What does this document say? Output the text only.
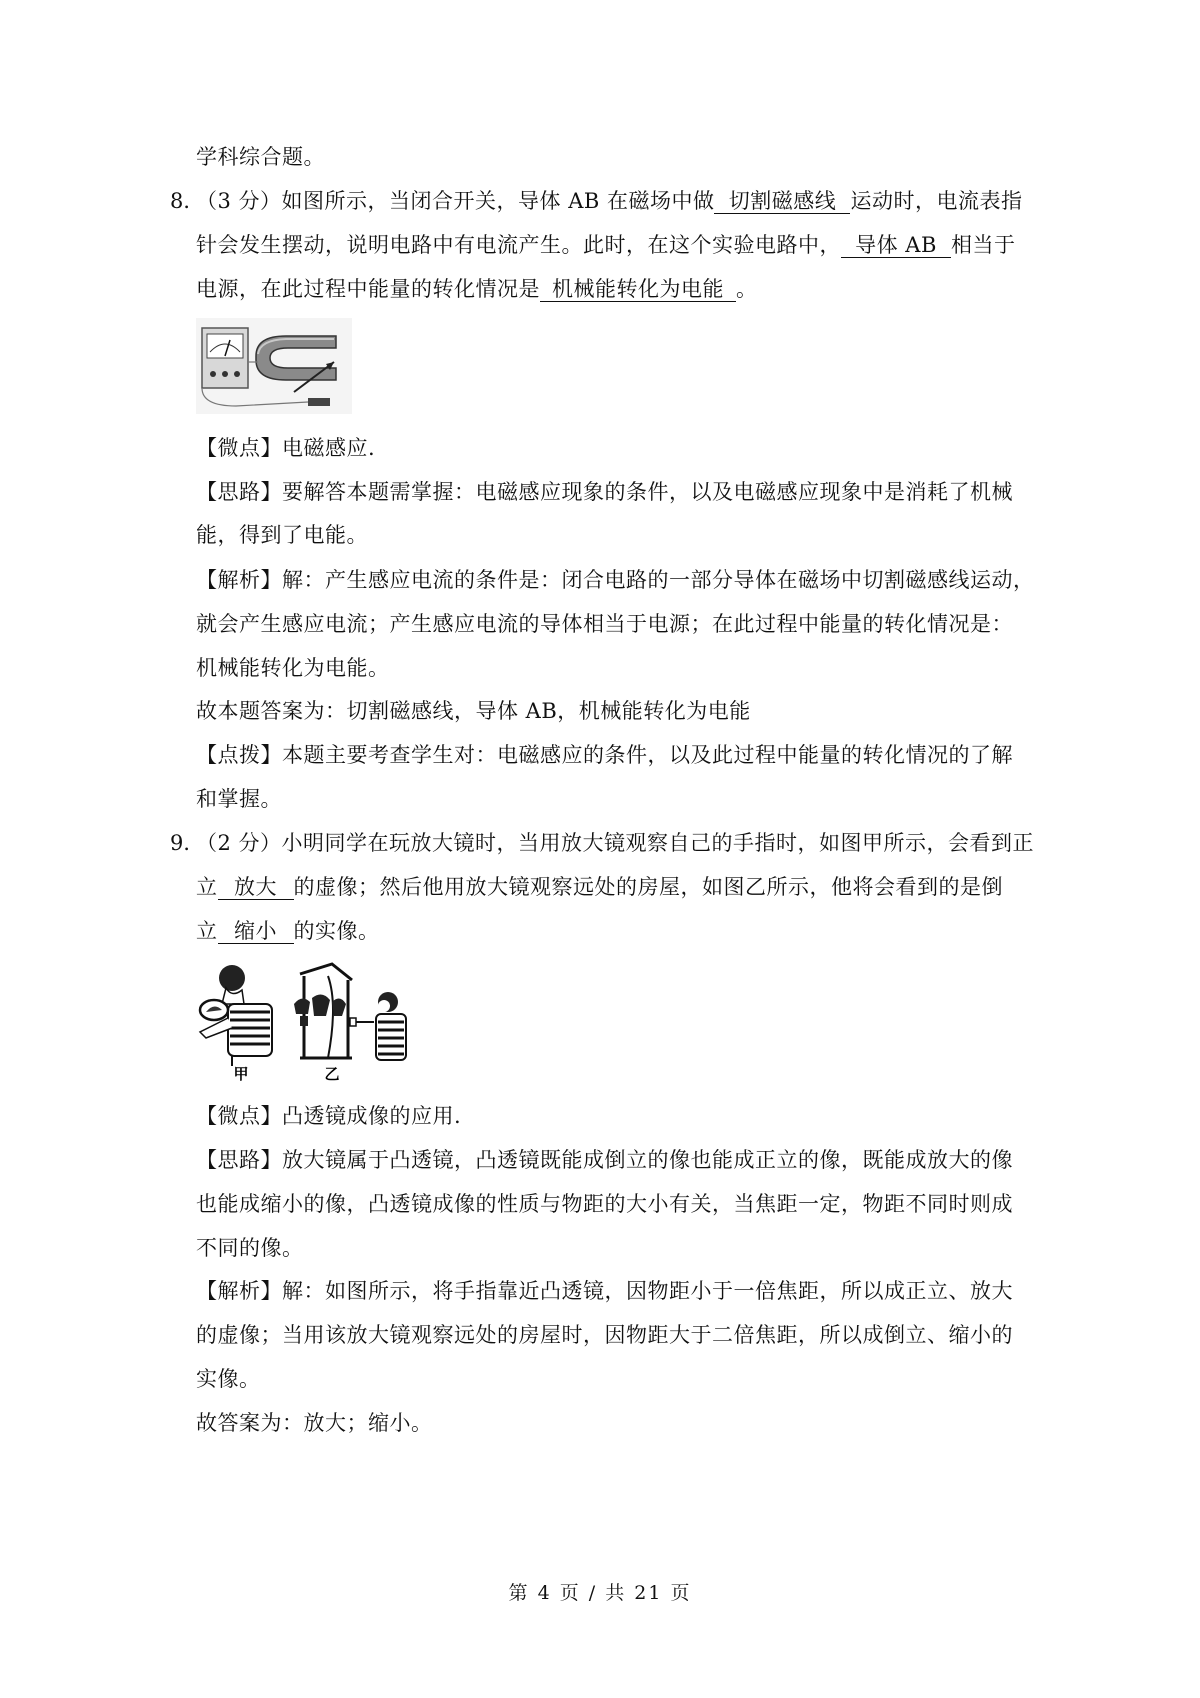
学科综合题。
8．
（3 分）如图所示，当闭合开关，导体 AB 在磁场中做 切割磁感线 运动时，电流表指
针会发生摆动，说明电路中有电流产生。此时，在这个实验电路中， 导体 AB 相当于
电源，在此过程中能量的转化情况是 机械能转化为电能 。
【微点】电磁感应.
【思路】要解答本题需掌握：电磁感应现象的条件，以及电磁感应现象中是消耗了机械
能，得到了电能。
【解析】解：产生感应电流的条件是：闭合电路的一部分导体在磁场中切割磁感线运动，
就会产生感应电流；产生感应电流的导体相当于电源；在此过程中能量的转化情况是：
机械能转化为电能。
故本题答案为：切割磁感线，导体 AB，机械能转化为电能
【点拨】本题主要考查学生对：电磁感应的条件，以及此过程中能量的转化情况的了解
和掌握。
9．
（2 分）小明同学在玩放大镜时，当用放大镜观察自己的手指时，如图甲所示，会看到正
立 放大 的虚像；然后他用放大镜观察远处的房屋，如图乙所示，他将会看到的是倒
立 缩小 的实像。
甲	乙
【微点】凸透镜成像的应用.
【思路】放大镜属于凸透镜，凸透镜既能成倒立的像也能成正立的像，既能成放大的像
也能成缩小的像，凸透镜成像的性质与物距的大小有关，当焦距一定，物距不同时则成
不同的像。
【解析】解：如图所示，将手指靠近凸透镜，因物距小于一倍焦距，所以成正立、放大
的虚像；当用该放大镜观察远处的房屋时，因物距大于二倍焦距，所以成倒立、缩小的
实像。
故答案为：放大；缩小。
第 4 页 / 共 21 页
